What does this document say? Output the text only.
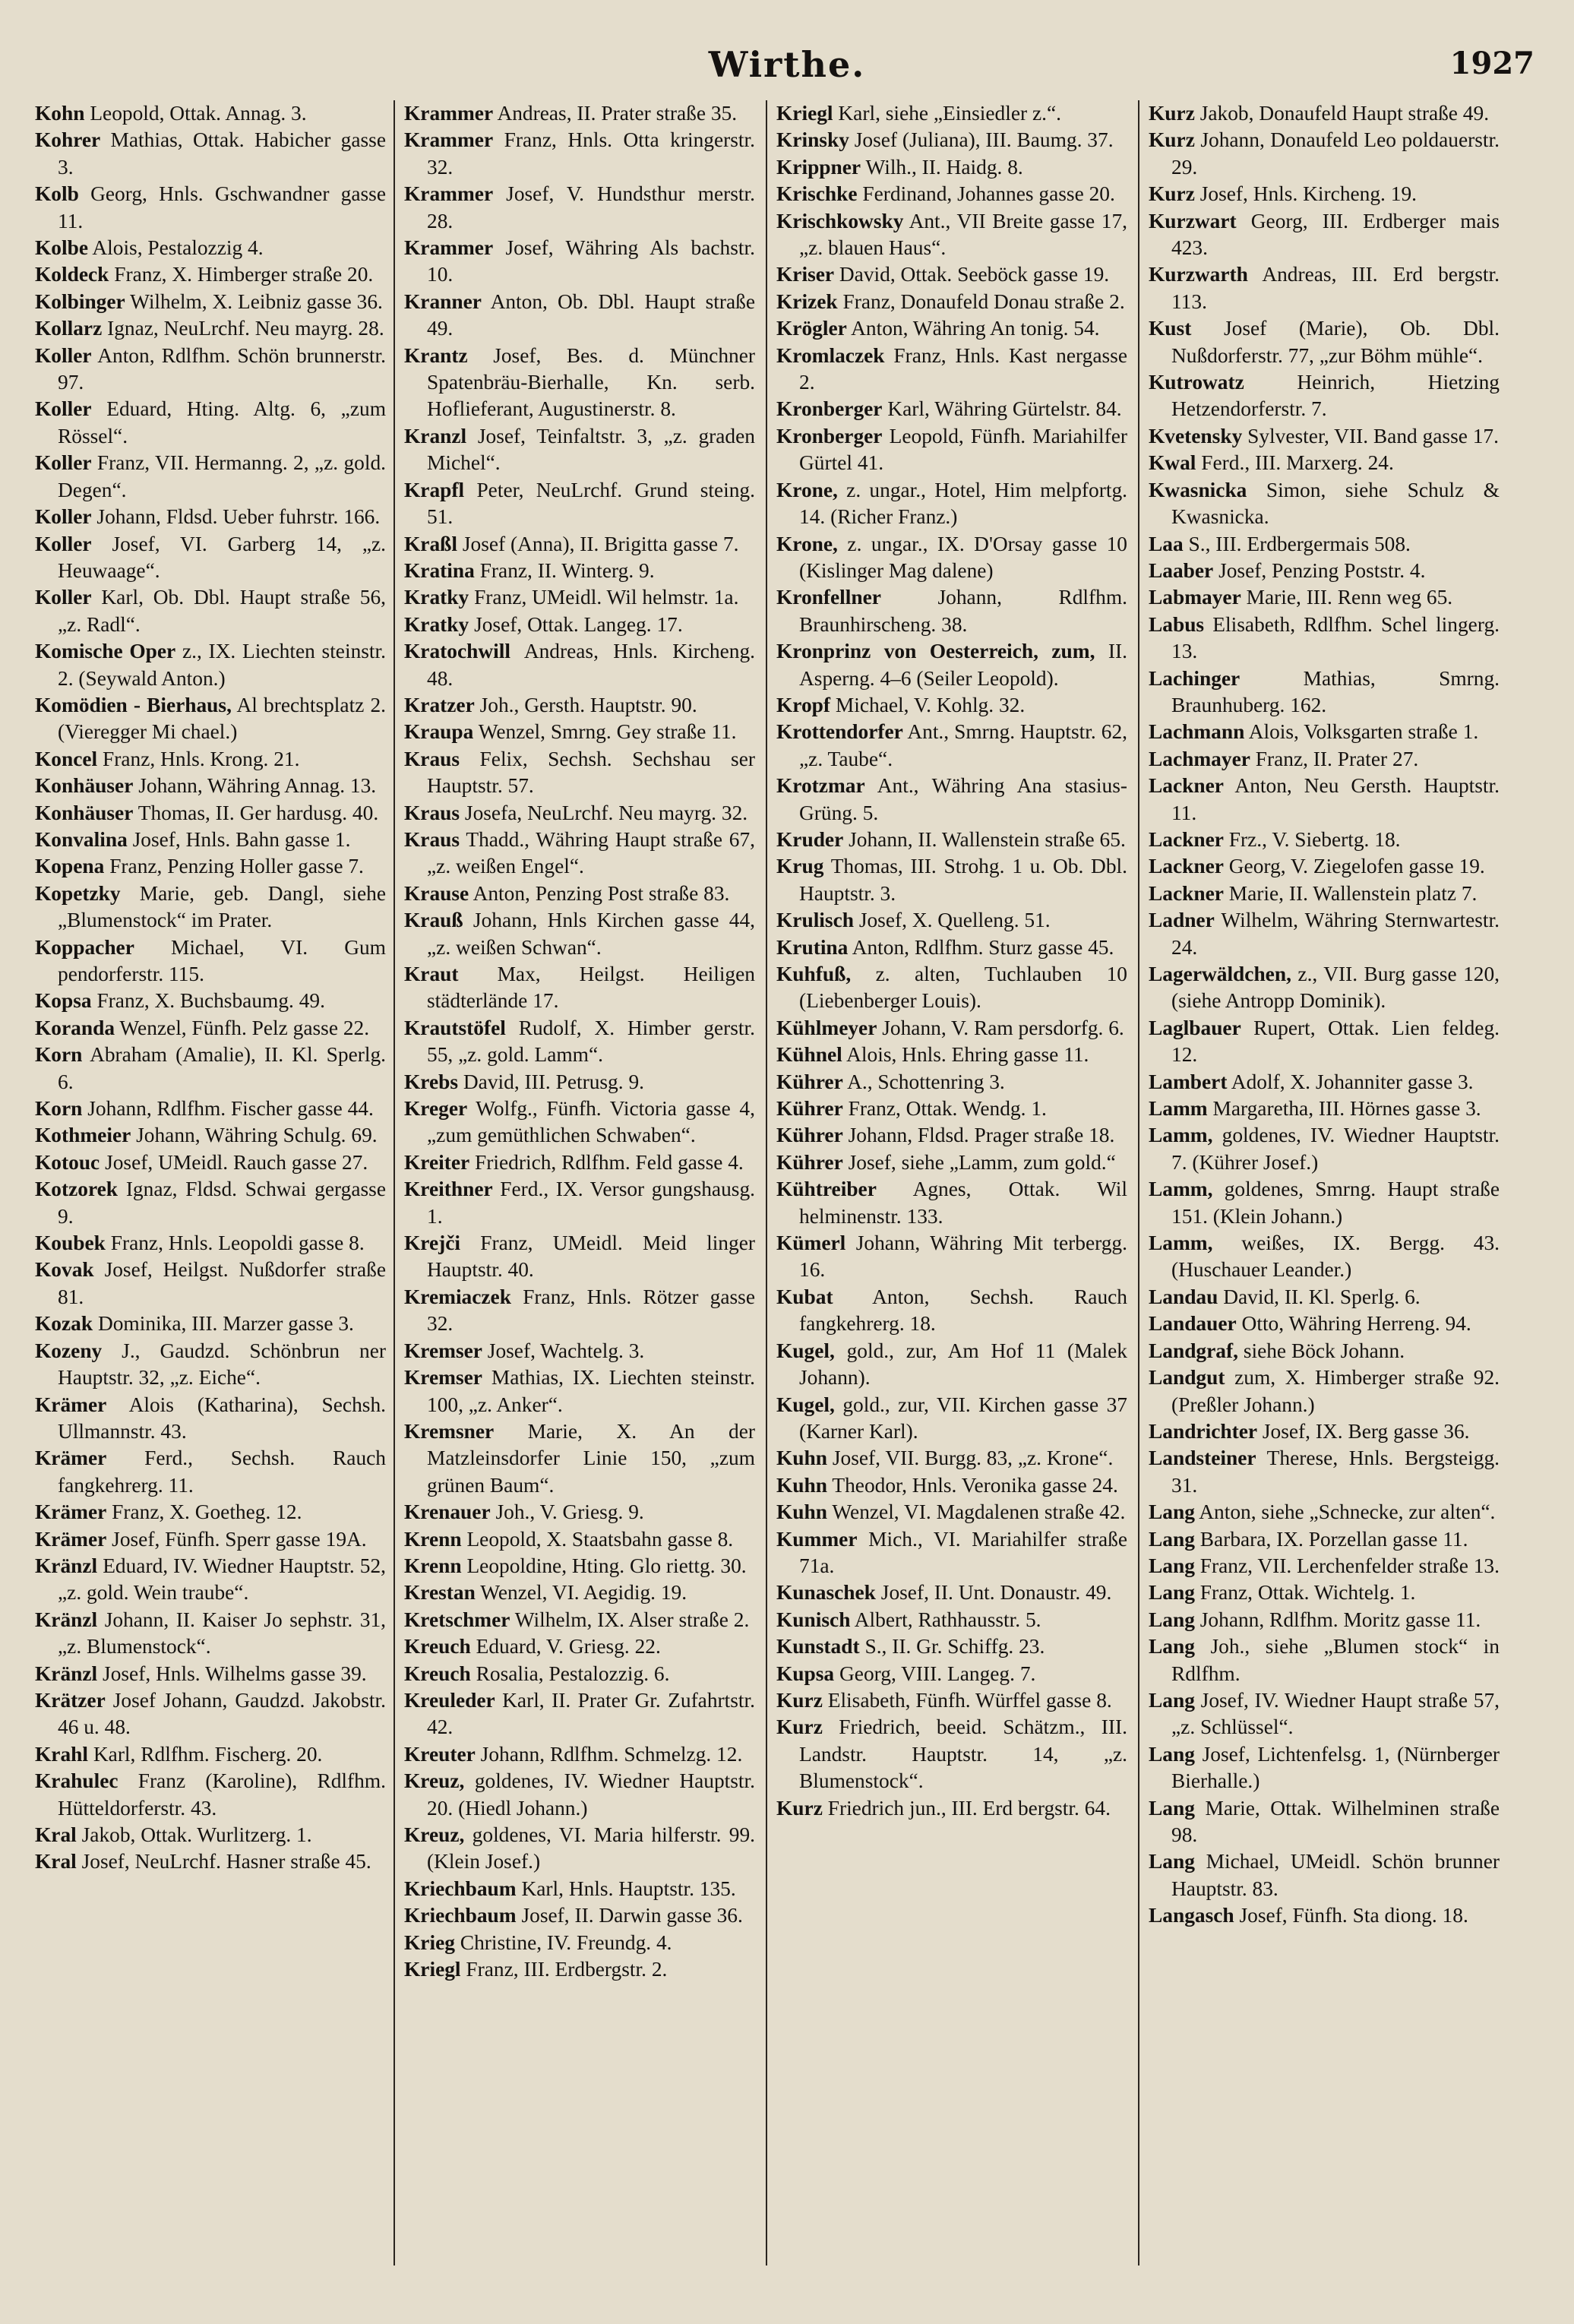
Wirthe.	1927
Kohn Leopold, Ottak. Annag. 3.
Kohrer Mathias, Ottak. Habicher gasse 3.
Kolb Georg, Hnls. Gschwandner gasse 11.
Kolbe Alois, Pestalozzig 4.
Koldeck Franz, X. Himberger straße 20.
Kolbinger Wilhelm, X. Leibniz gasse 36.
Kollarz Ignaz, NeuLrchf. Neu mayrg. 28.
Koller Anton, Rdlfhm. Schön brunnerstr. 97.
Koller Eduard, Hting. Altg. 6, „zum Rössel“.
Koller Franz, VII. Hermanng. 2, „z. gold. Degen“.
Koller Johann, Fldsd. Ueber fuhrstr. 166.
Koller Josef, VI. Garberg 14, „z. Heuwaage“.
Koller Karl, Ob. Dbl. Haupt straße 56, „z. Radl“.
Komische Oper z., IX. Liechten steinstr. 2. (Seywald Anton.)
Komödien - Bierhaus, Al brechtsplatz 2. (Vieregger Mi chael.)
Koncel Franz, Hnls. Krong. 21.
Konhäuser Johann, Währing Annag. 13.
Konhäuser Thomas, II. Ger hardusg. 40.
Konvalina Josef, Hnls. Bahn gasse 1.
Kopena Franz, Penzing Holler gasse 7.
Kopetzky Marie, geb. Dangl, siehe „Blumenstock“ im Prater.
Koppacher Michael, VI. Gum pendorferstr. 115.
Kopsa Franz, X. Buchsbaumg. 49.
Koranda Wenzel, Fünfh. Pelz gasse 22.
Korn Abraham (Amalie), II. Kl. Sperlg. 6.
Korn Johann, Rdlfhm. Fischer gasse 44.
Kothmeier Johann, Währing Schulg. 69.
Kotouc Josef, UMeidl. Rauch gasse 27.
Kotzorek Ignaz, Fldsd. Schwai gergasse 9.
Koubek Franz, Hnls. Leopoldi gasse 8.
Kovak Josef, Heilgst. Nußdorfer straße 81.
Kozak Dominika, III. Marzer gasse 3.
Kozeny J., Gaudzd. Schönbrun ner Hauptstr. 32, „z. Eiche“.
Krämer Alois (Katharina), Sechsh. Ullmannstr. 43.
Krämer Ferd., Sechsh. Rauch fangkehrerg. 11.
Krämer Franz, X. Goetheg. 12.
Krämer Josef, Fünfh. Sperr gasse 19A.
Kränzl Eduard, IV. Wiedner Hauptstr. 52, „z. gold. Wein traube“.
Kränzl Johann, II. Kaiser Jo sephstr. 31, „z. Blumenstock“.
Kränzl Josef, Hnls. Wilhelms gasse 39.
Krätzer Josef Johann, Gaudzd. Jakobstr. 46 u. 48.
Krahl Karl, Rdlfhm. Fischerg. 20.
Krahulec Franz (Karoline), Rdlfhm. Hütteldorferstr. 43.
Kral Jakob, Ottak. Wurlitzerg. 1.
Kral Josef, NeuLrchf. Hasner straße 45.
Krammer Andreas, II. Prater straße 35.
Krammer Franz, Hnls. Otta kringerstr. 32.
Krammer Josef, V. Hundsthur merstr. 28.
Krammer Josef, Währing Als bachstr. 10.
Kranner Anton, Ob. Dbl. Haupt straße 49.
Krantz Josef, Bes. d. Münchner Spatenbräu-Bierhalle, Kn. serb. Hoflieferant, Augustinerstr. 8.
Kranzl Josef, Teinfaltstr. 3, „z. graden Michel“.
Krapfl Peter, NeuLrchf. Grund steing. 51.
Kraßl Josef (Anna), II. Brigitta gasse 7.
Kratina Franz, II. Winterg. 9.
Kratky Franz, UMeidl. Wil helmstr. 1a.
Kratky Josef, Ottak. Langeg. 17.
Kratochwill Andreas, Hnls. Kircheng. 48.
Kratzer Joh., Gersth. Hauptstr. 90.
Kraupa Wenzel, Smrng. Gey straße 11.
Kraus Felix, Sechsh. Sechshau ser Hauptstr. 57.
Kraus Josefa, NeuLrchf. Neu mayrg. 32.
Kraus Thadd., Währing Haupt straße 67, „z. weißen Engel“.
Krause Anton, Penzing Post straße 83.
Krauß Johann, Hnls Kirchen gasse 44, „z. weißen Schwan“.
Kraut Max, Heilgst. Heiligen städterlände 17.
Krautstöfel Rudolf, X. Himber gerstr. 55, „z. gold. Lamm“.
Krebs David, III. Petrusg. 9.
Kreger Wolfg., Fünfh. Victoria gasse 4, „zum gemüthlichen Schwaben“.
Kreiter Friedrich, Rdlfhm. Feld gasse 4.
Kreithner Ferd., IX. Versor gungshausg. 1.
Krejči Franz, UMeidl. Meid linger Hauptstr. 40.
Kremiaczek Franz, Hnls. Rötzer gasse 32.
Kremser Josef, Wachtelg. 3.
Kremser Mathias, IX. Liechten steinstr. 100, „z. Anker“.
Kremsner Marie, X. An der Matzleinsdorfer Linie 150, „zum grünen Baum“.
Krenauer Joh., V. Griesg. 9.
Krenn Leopold, X. Staatsbahn gasse 8.
Krenn Leopoldine, Hting. Glo riettg. 30.
Krestan Wenzel, VI. Aegidig. 19.
Kretschmer Wilhelm, IX. Alser straße 2.
Kreuch Eduard, V. Griesg. 22.
Kreuch Rosalia, Pestalozzig. 6.
Kreuleder Karl, II. Prater Gr. Zufahrtstr. 42.
Kreuter Johann, Rdlfhm. Schmelzg. 12.
Kreuz, goldenes, IV. Wiedner Hauptstr. 20. (Hiedl Johann.)
Kreuz, goldenes, VI. Maria hilferstr. 99. (Klein Josef.)
Kriechbaum Karl, Hnls. Hauptstr. 135.
Kriechbaum Josef, II. Darwin gasse 36.
Krieg Christine, IV. Freundg. 4.
Kriegl Franz, III. Erdbergstr. 2.
Kriegl Karl, siehe „Einsiedler z.“.
Krinsky Josef (Juliana), III. Baumg. 37.
Krippner Wilh., II. Haidg. 8.
Krischke Ferdinand, Johannes gasse 20.
Krischkowsky Ant., VII Breite gasse 17, „z. blauen Haus“.
Kriser David, Ottak. Seeböck gasse 19.
Krizek Franz, Donaufeld Donau straße 2.
Krögler Anton, Währing An tonig. 54.
Kromlaczek Franz, Hnls. Kast nergasse 2.
Kronberger Karl, Währing Gürtelstr. 84.
Kronberger Leopold, Fünfh. Mariahilfer Gürtel 41.
Krone, z. ungar., Hotel, Him melpfortg. 14. (Richer Franz.)
Krone, z. ungar., IX. D'Orsay gasse 10 (Kislinger Mag dalene)
Kronfellner	Johann, Rdlfhm. Braunhirscheng. 38.
Kronprinz von Oesterreich, zum, II. Asperng. 4–6 (Seiler Leopold).
Kropf Michael, V. Kohlg. 32.
Krottendorfer Ant., Smrng. Hauptstr. 62, „z. Taube“.
Krotzmar Ant., Währing Ana stasius-Grüng. 5.
Kruder Johann, II. Wallenstein straße 65.
Krug Thomas, III. Strohg. 1 u. Ob. Dbl. Hauptstr. 3.
Krulisch Josef, X. Quelleng. 51.
Krutina Anton, Rdlfhm. Sturz gasse 45.
Kuhfuß, z. alten, Tuchlauben 10 (Liebenberger Louis).
Kühlmeyer Johann, V. Ram persdorfg. 6.
Kühnel Alois, Hnls. Ehring gasse 11.
Kührer A., Schottenring 3.
Kührer Franz, Ottak. Wendg. 1.
Kührer Johann, Fldsd. Prager straße 18.
Kührer Josef, siehe „Lamm, zum gold.“
Kühtreiber Agnes, Ottak. Wil helminenstr. 133.
Kümerl Johann, Währing Mit terbergg. 16.
Kubat Anton, Sechsh. Rauch fangkehrerg. 18.
Kugel, gold., zur, Am Hof 11 (Malek Johann).
Kugel, gold., zur, VII. Kirchen gasse 37 (Karner Karl).
Kuhn Josef, VII. Burgg. 83, „z. Krone“.
Kuhn Theodor, Hnls. Veronika gasse 24.
Kuhn Wenzel, VI. Magdalenen straße 42.
Kummer Mich., VI. Mariahilfer straße 71a.
Kunaschek Josef, II. Unt. Donaustr. 49.
Kunisch Albert, Rathhausstr. 5.
Kunstadt S., II. Gr. Schiffg. 23.
Kupsa Georg, VIII. Langeg. 7.
Kurz Elisabeth, Fünfh. Würffel gasse 8.
Kurz Friedrich, beeid. Schätzm., III. Landstr. Hauptstr. 14, „z. Blumenstock“.
Kurz Friedrich jun., III. Erd bergstr. 64.
Kurz Jakob, Donaufeld Haupt straße 49.
Kurz Johann, Donaufeld Leo poldauerstr. 29.
Kurz Josef, Hnls. Kircheng. 19.
Kurzwart Georg, III. Erdberger mais 423.
Kurzwarth Andreas, III. Erd bergstr. 113.
Kust Josef (Marie), Ob. Dbl. Nußdorferstr. 77, „zur Böhm mühle“.
Kutrowatz	Heinrich, Hietzing Hetzendorferstr. 7.
Kvetensky Sylvester, VII. Band gasse 17.
Kwal Ferd., III. Marxerg. 24.
Kwasnicka Simon, siehe Schulz & Kwasnicka.
Laa S., III. Erdbergermais 508.
Laaber Josef, Penzing Poststr. 4.
Labmayer Marie, III. Renn weg 65.
Labus Elisabeth, Rdlfhm. Schel lingerg. 13.
Lachinger	Mathias, Smrng. Braunhuberg. 162.
Lachmann Alois, Volksgarten straße 1.
Lachmayer Franz, II. Prater 27.
Lackner Anton, Neu Gersth. Hauptstr. 11.
Lackner Frz., V. Siebertg. 18.
Lackner Georg, V. Ziegelofen gasse 19.
Lackner Marie, II. Wallenstein platz 7.
Ladner Wilhelm, Währing Sternwartestr. 24.
Lagerwäldchen, z., VII. Burg gasse 120, (siehe Antropp Dominik).
Laglbauer Rupert, Ottak. Lien feldeg. 12.
Lambert Adolf, X. Johanniter gasse 3.
Lamm Margaretha, III. Hörnes gasse 3.
Lamm, goldenes, IV. Wiedner Hauptstr. 7. (Kührer Josef.)
Lamm, goldenes, Smrng. Haupt straße 151. (Klein Johann.)
Lamm, weißes, IX. Bergg. 43. (Huschauer Leander.)
Landau David, II. Kl. Sperlg. 6.
Landauer Otto, Währing Herreng. 94.
Landgraf, siehe Böck Johann.
Landgut zum, X. Himberger straße 92. (Preßler Johann.)
Landrichter Josef, IX. Berg gasse 36.
Landsteiner Therese, Hnls. Bergsteigg. 31.
Lang Anton, siehe „Schnecke, zur alten“.
Lang Barbara, IX. Porzellan gasse 11.
Lang Franz, VII. Lerchenfelder straße 13.
Lang Franz, Ottak. Wichtelg. 1.
Lang Johann, Rdlfhm. Moritz gasse 11.
Lang Joh., siehe „Blumen stock“ in Rdlfhm.
Lang Josef, IV. Wiedner Haupt straße 57, „z. Schlüssel“.
Lang Josef, Lichtenfelsg. 1, (Nürnberger Bierhalle.)
Lang Marie, Ottak. Wilhelminen straße 98.
Lang Michael, UMeidl. Schön brunner Hauptstr. 83.
Langasch Josef, Fünfh. Sta diong. 18.
